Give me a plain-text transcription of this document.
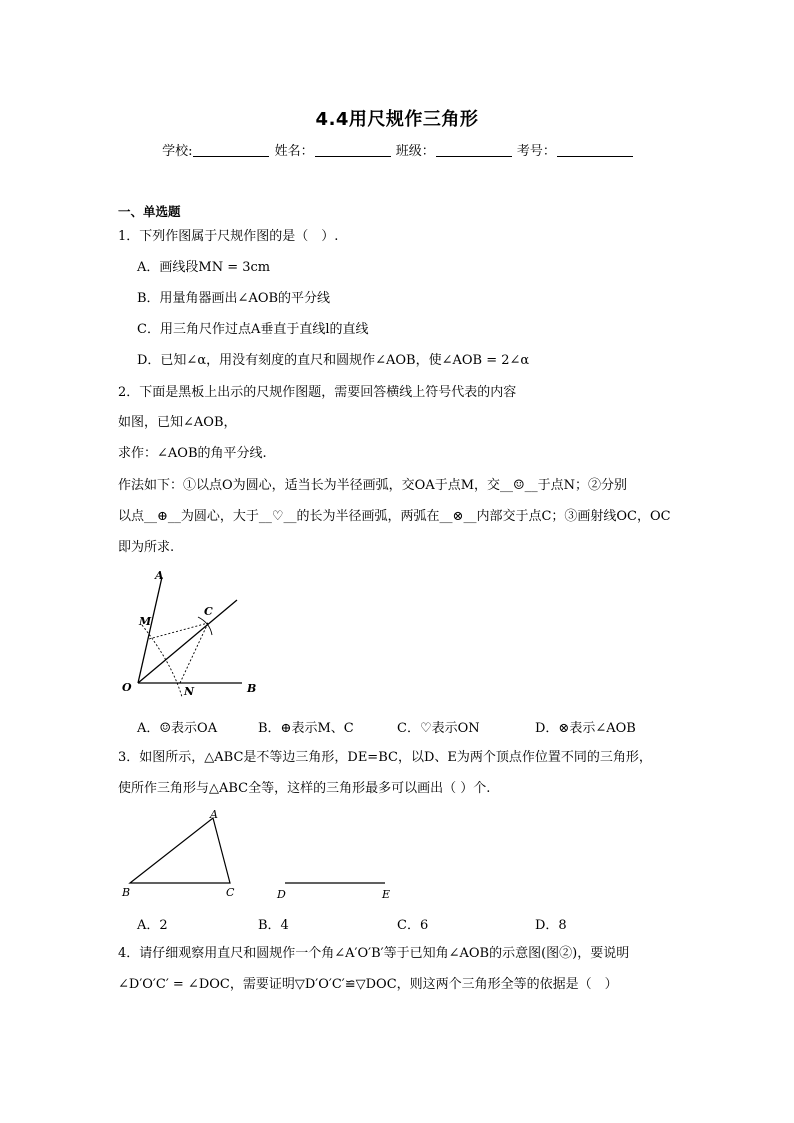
4.4用尺规作三角形
学校:	姓名：	班级：	考号：
一、单选题
1．下列作图属于尺规作图的是（　）.
A．画线段MN = 3cm
B．用量角器画出∠AOB的平分线
C．用三角尺作过点A垂直于直线l的直线
D．已知∠α，用没有刻度的直尺和圆规作∠AOB，使∠AOB = 2∠α
2．下面是黑板上出示的尺规作图题，需要回答横线上符号代表的内容
如图，已知∠AOB，
求作：∠AOB的角平分线.
作法如下：①以点O为圆心，适当长为半径画弧，交OA于点M，交__☺__于点N；②分别
以点__⊕__为圆心，大于__♡__的长为半径画弧，两弧在__⊗__内部交于点C；③画射线OC，OC
即为所求.
A
M
C
O	N	B
A．☺表示OA	B．⊕表示M、C	C．♡表示ON	D．⊗表示∠AOB
3．如图所示，△ABC是不等边三角形，DE=BC，以D、E为两个顶点作位置不同的三角形，
使所作三角形与△ABC全等，这样的三角形最多可以画出（ ）个.
A
B	C	D	E
A．2	B．4	C．6	D．8
4．请仔细观察用直尺和圆规作一个角∠A′O′B′等于已知角∠AOB的示意图(图②)，要说明
∠D′O′C′ = ∠DOC，需要证明▽D′O′C′≌▽DOC，则这两个三角形全等的依据是（　）
